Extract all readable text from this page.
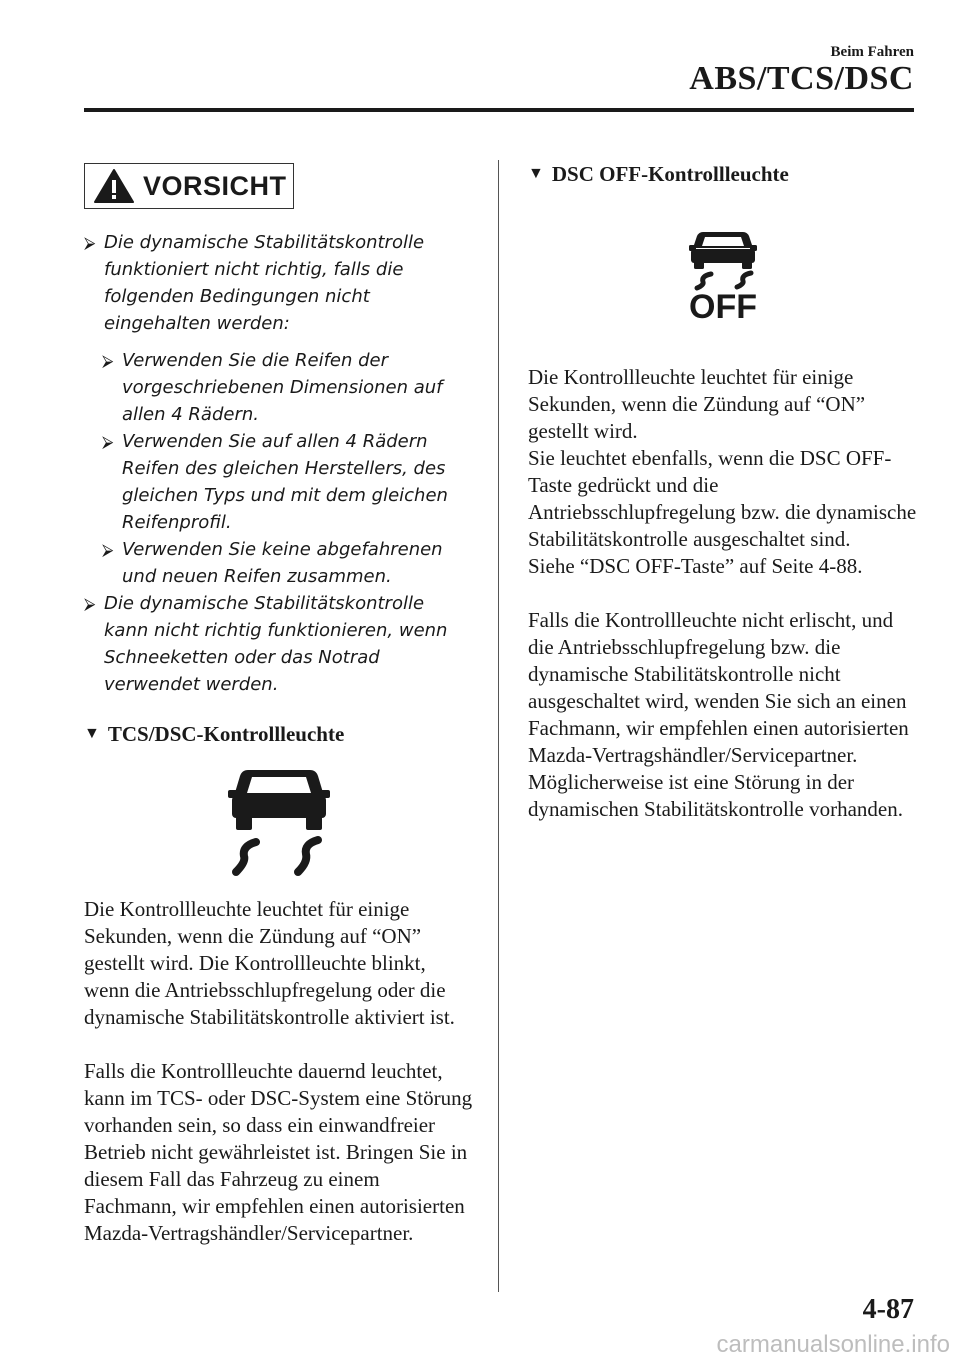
Beim Fahren
ABS/TCS/DSC
VORSICHT
⮚ Die dynamische Stabilitätskontrolle funktioniert nicht richtig, falls die folgenden Bedingungen nicht eingehalten werden:
⮚ Verwenden Sie die Reifen der vorgeschriebenen Dimensionen auf allen 4 Rädern.
⮚ Verwenden Sie auf allen 4 Rädern Reifen des gleichen Herstellers, des gleichen Typs und mit dem gleichen Reifenprofil.
⮚ Verwenden Sie keine abgefahrenen und neuen Reifen zusammen.
⮚ Die dynamische Stabilitätskontrolle kann nicht richtig funktionieren, wenn Schneeketten oder das Notrad verwendet werden.
▼ TCS/DSC-Kontrollleuchte

Die Kontrollleuchte leuchtet für einige Sekunden, wenn die Zündung auf “ON” gestellt wird. Die Kontrollleuchte blinkt, wenn die Antriebsschlupfregelung oder die dynamische Stabilitätskontrolle aktiviert ist.

Falls die Kontrollleuchte dauernd leuchtet, kann im TCS- oder DSC-System eine Störung vorhanden sein, so dass ein einwandfreier Betrieb nicht gewährleistet ist. Bringen Sie in diesem Fall das Fahrzeug zu einem Fachmann, wir empfehlen einen autorisierten Mazda-Vertragshändler/Servicepartner.

▼ DSC OFF-Kontrollleuchte
OFF

Die Kontrollleuchte leuchtet für einige Sekunden, wenn die Zündung auf “ON” gestellt wird.

Sie leuchtet ebenfalls, wenn die DSC OFF-Taste gedrückt und die Antriebsschlupfregelung bzw. die dynamische Stabilitätskontrolle ausgeschaltet sind.

Siehe “DSC OFF-Taste” auf Seite 4-88.

Falls die Kontrollleuchte nicht erlischt, und die Antriebsschlupfregelung bzw. die dynamische Stabilitätskontrolle nicht ausgeschaltet wird, wenden Sie sich an einen Fachmann, wir empfehlen einen autorisierten Mazda-Vertragshändler/Servicepartner. Möglicherweise ist eine Störung in der dynamischen Stabilitätskontrolle vorhanden.

4-87
carmanualsonline.info
